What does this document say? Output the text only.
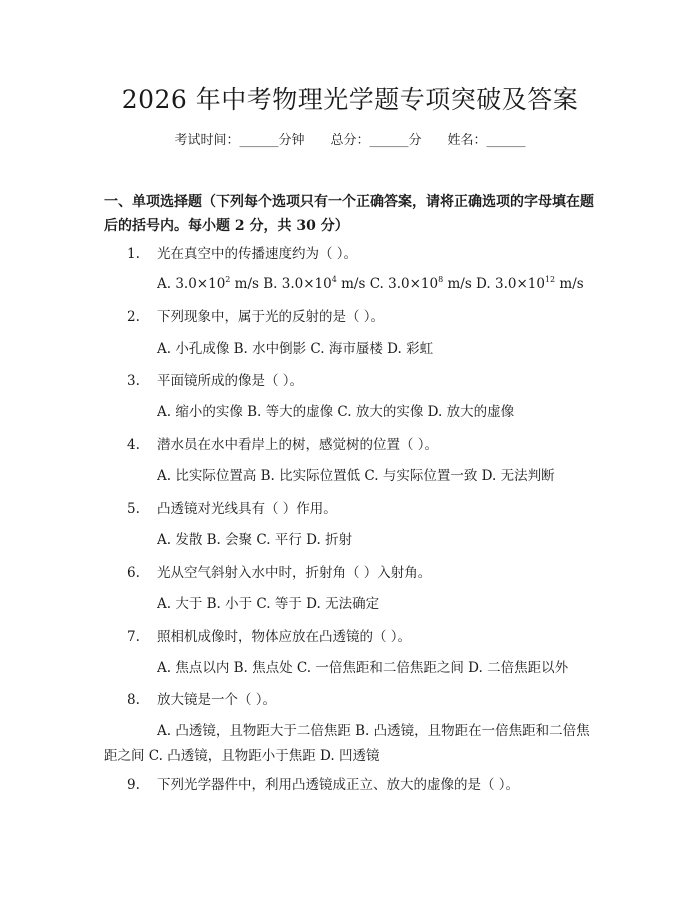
2026 年中考物理光学题专项突破及答案
考试时间：______分钟 总分：______分 姓名：______
一、单项选择题（下列每个选项只有一个正确答案，请将正确选项的字母填在题后的括号内。每小题 2 分，共 30 分）
1. 光在真空中的传播速度约为（ ）。
A. $3.0\times 10^2$ m/s B. $3.0\times 10^4$ m/s C. $3.0\times 10^8$ m/s D. $3.0\times 10^{12}$ m/s
2. 下列现象中，属于光的反射的是（ ）。
A. 小孔成像 B. 水中倒影 C. 海市蜃楼 D. 彩虹
3. 平面镜所成的像是（ ）。
A. 缩小的实像 B. 等大的虚像 C. 放大的实像 D. 放大的虚像
4. 潜水员在水中看岸上的树，感觉树的位置（ ）。
A. 比实际位置高 B. 比实际位置低 C. 与实际位置一致 D. 无法判断
5. 凸透镜对光线具有（ ）作用。
A. 发散 B. 会聚 C. 平行 D. 折射
6. 光从空气斜射入水中时，折射角（ ）入射角。
A. 大于 B. 小于 C. 等于 D. 无法确定
7. 照相机成像时，物体应放在凸透镜的（ ）。
A. 焦点以内 B. 焦点处 C. 一倍焦距和二倍焦距之间 D. 二倍焦距以外
8. 放大镜是一个（ ）。
A. 凸透镜，且物距大于二倍焦距 B. 凸透镜，且物距在一倍焦距和二倍焦距之间 C. 凸透镜，且物距小于焦距 D. 凹透镜
9. 下列光学器件中，利用凸透镜成正立、放大的虚像的是（ ）。
